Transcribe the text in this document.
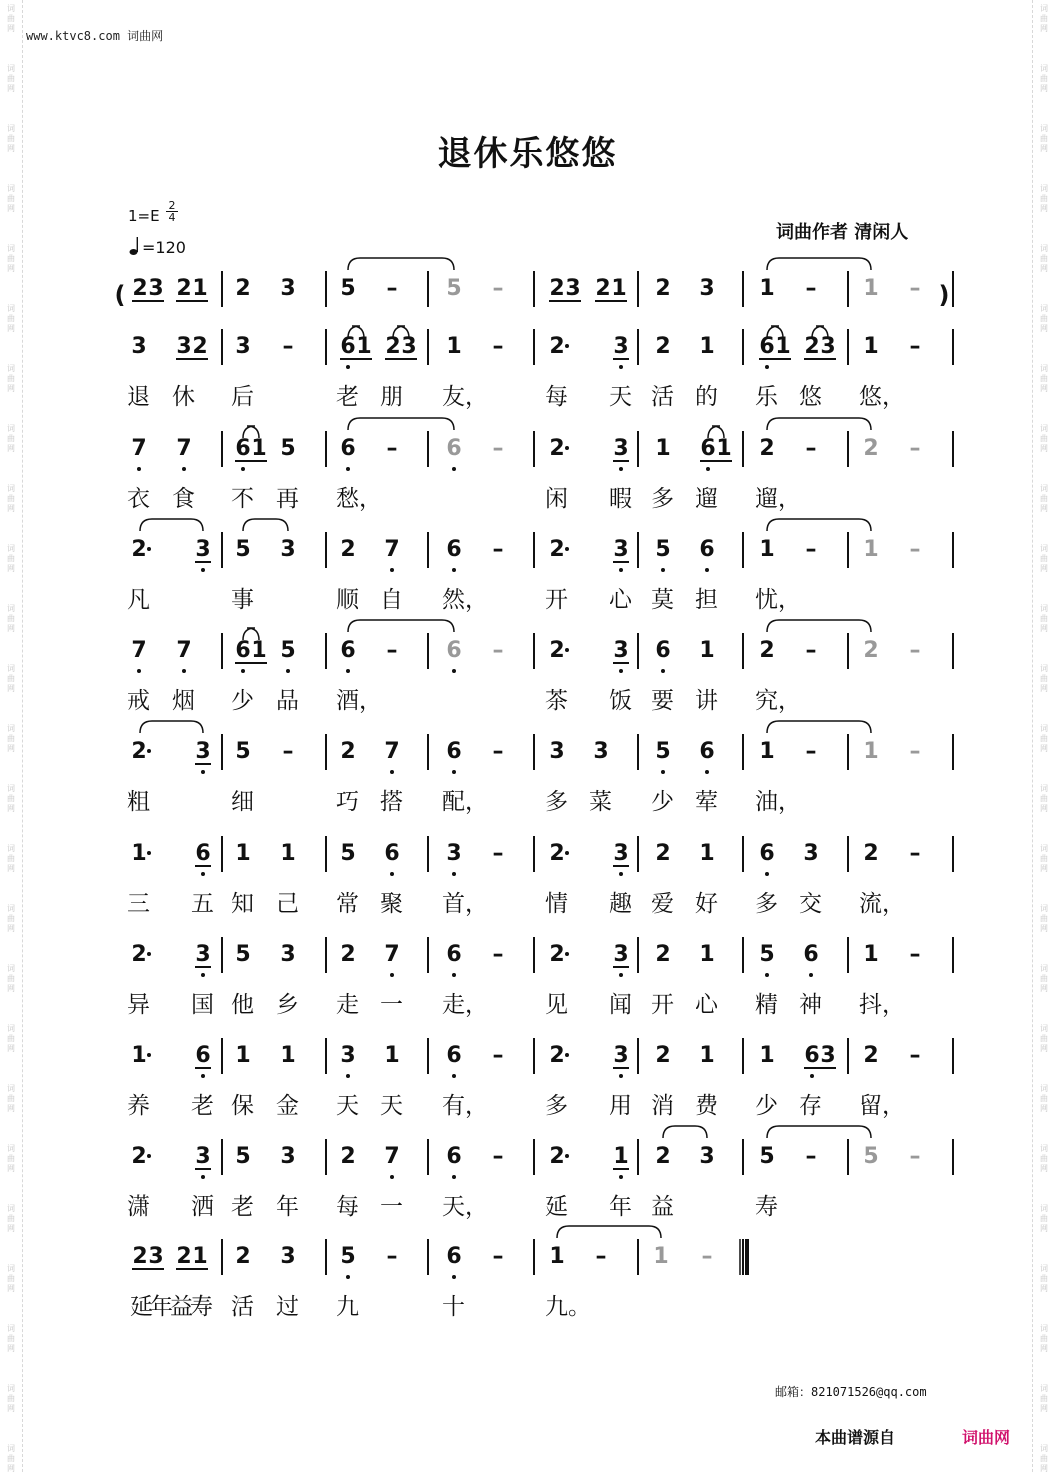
词
曲
网
词
曲
网
词
曲
网
词
曲
网
词
曲
网
词
曲
网
词
曲
网
词
曲
网
词
曲
网
词
曲
网
词
曲
网
词
曲
网
词
曲
网
词
曲
网
词
曲
网
词
曲
网
词
曲
网
词
曲
网
词
曲
网
词
曲
网
词
曲
网
词
曲
网
词
曲
网
词
曲
网
词
曲
网
词
曲
网
词
曲
网
词
曲
网
词
曲
网
词
曲
网
词
曲
网
词
曲
网
词
曲
网
词
曲
网
词
曲
网
词
曲
网
词
曲
网
词
曲
网
词
曲
网
词
曲
网
词
曲
网
词
曲
网
词
曲
网
词
曲
网
词
曲
网
词
曲
网
词
曲
网
词
曲
网
词
曲
网
词
曲
网
www.ktvc8.com 词曲网
退休乐悠悠
$1=E \frac{2}{4}$
=120
词曲作者 清闲人
2 3 2 1 2 3 5 – 5 – 2 3 2 1 2 3 1 – 1 –
3 3 2 3 – 6 1 2 3 1 – 2 3 2 1 6 1 2 3 1 –
7 7 6 1 5 6 – 6 – 2 3 1 6 1 2 – 2 –
2 3 5 3 2 7 6 – 2 3 5 6 1 – 1 –
7 7 6 1 5 6 – 6 – 2 3 6 1 2 – 2 –
2 3 5 – 2 7 6 – 3 3 5 6 1 – 1 –
1 6 1 1 5 6 3 – 2 3 2 1 6 3 2 –
2 3 5 3 2 7 6 – 2 3 2 1 5 6 1 –
1 6 1 1 3 1 6 – 2 3 2 1 1 6 3 2 –
2 3 5 3 2 7 6 – 2 1 2 3 5 – 5 –
2 3 2 1 2 3 5 – 6 – 1 – 1 –
(	)
退 休	后	老 朋	友， 每	天 活 的	乐 悠	悠，
衣 食	不 再	愁，	闲	暇 多 遛	遛，
凡	事	顺 自	然， 开	心 莫 担	忧，
戒 烟	少 品	酒，	茶	饭 要 讲	究，
粗	细	巧 搭	配， 多 菜	少 荤	油，
三	五 知 己	常 聚	首， 情	趣 爱 好	多 交	流，
异	国 他 乡	走 一	走， 见	闻 开 心	精 神	抖，
养	老 保 金	天 天	有， 多	用 消 费	少 存	留，
潇	洒 老 年	每 一	天， 延	年 益	寿
延年益寿 活 过	九	十	九。
邮箱：821071526@qq.com
本曲谱源自	词曲网
